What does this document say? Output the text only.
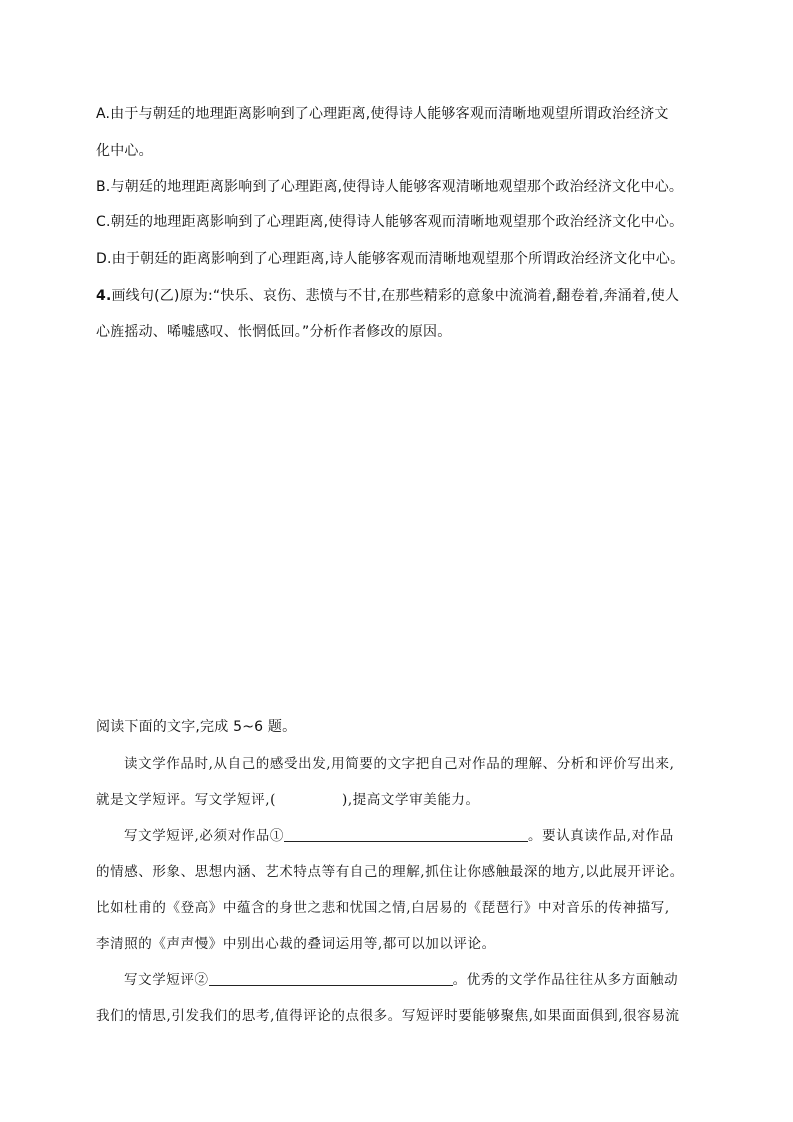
A.由于与朝廷的地理距离影响到了心理距离,使得诗人能够客观而清晰地观望所谓政治经济文
化中心。
B.与朝廷的地理距离影响到了心理距离,使得诗人能够客观清晰地观望那个政治经济文化中心。
C.朝廷的地理距离影响到了心理距离,使得诗人能够客观而清晰地观望那个政治经济文化中心。
D.由于朝廷的距离影响到了心理距离,诗人能够客观而清晰地观望那个所谓政治经济文化中心。
4.画线句(乙)原为:“快乐、哀伤、悲愤与不甘,在那些精彩的意象中流淌着,翻卷着,奔涌着,使人
心旌摇动、唏嘘感叹、怅惘低回。”分析作者修改的原因。
阅读下面的文字,完成 5~6 题。
读文学作品时,从自己的感受出发,用简要的文字把自己对作品的理解、分析和评价写出来,
就是文学短评。写文学短评,(	),提高文学审美能力。
写文学短评,必须对作品①	。要认真读作品,对作品
的情感、形象、思想内涵、艺术特点等有自己的理解,抓住让你感触最深的地方,以此展开评论。
比如杜甫的《登高》中蕴含的身世之悲和忧国之情,白居易的《琵琶行》中对音乐的传神描写,
李清照的《声声慢》中别出心裁的叠词运用等,都可以加以评论。
写文学短评②	。优秀的文学作品往往从多方面触动
我们的情思,引发我们的思考,值得评论的点很多。写短评时要能够聚焦,如果面面俱到,很容易流
